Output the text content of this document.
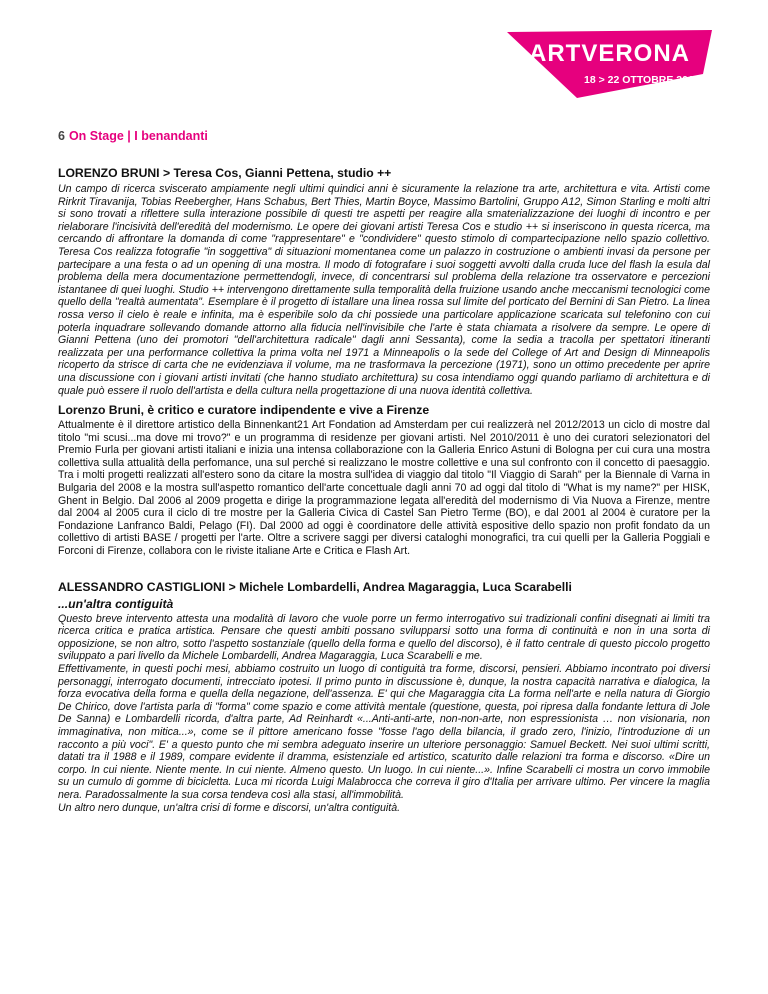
ARTVERONA
18 > 22 OTTOBRE 2012
6 On Stage | I benandanti
LORENZO BRUNI > Teresa Cos, Gianni Pettena, studio ++

Un campo di ricerca sviscerato ampiamente negli ultimi quindici anni è sicuramente la relazione tra arte, architettura e vita. Artisti come Rirkrit Tiravanija, Tobias Reebergher, Hans Schabus, Bert Thies, Martin Boyce, Massimo Bartolini, Gruppo A12, Simon Starling e molti altri si sono trovati a riflettere sulla interazione possibile di questi tre aspetti per reagire alla smaterializzazione dei luoghi di incontro e per rielaborare l'incisività dell'eredità del modernismo. Le opere dei giovani artisti Teresa Cos e studio ++ si inseriscono in questa ricerca, ma cercando di affrontare la domanda di come "rappresentare" e "condividere" questo stimolo di compartecipazione nello spazio collettivo. Teresa Cos realizza fotografie "in soggettiva" di situazioni momentanea come un palazzo in costruzione o ambienti invasi da persone per partecipare a una festa o ad un opening di una mostra. Il modo di fotografare i suoi soggetti avvolti dalla cruda luce del flash la esula dal problema della mera documentazione permettendogli, invece, di concentrarsi sul problema della relazione tra osservatore e percezioni istantanee di quei luoghi. Studio ++ intervengono direttamente sulla temporalità della fruizione usando anche meccanismi tecnologici come quello della "realtà aumentata". Esemplare è il progetto di istallare una linea rossa sul limite del porticato del Bernini di San Pietro. La linea rossa verso il cielo è reale e infinita, ma è esperibile solo da chi possiede una particolare applicazione scaricata sul telefonino con cui poterla inquadrare sollevando domande attorno alla fiducia nell'invisibile che l'arte è stata chiamata a risolvere da sempre. Le opere di Gianni Pettena (uno dei promotori "dell'architettura radicale" dagli anni Sessanta), come la sedia a tracolla per spettatori itineranti realizzata per una performance collettiva la prima volta nel 1971 a Minneapolis o la sede del College of Art and Design di Minneapolis ricoperto da strisce di carta che ne evidenziava il volume, ma ne trasformava la percezione (1971), sono un ottimo precedente per aprire una discussione con i giovani artisti invitati (che hanno studiato architettura) su cosa intendiamo oggi quando parliamo di architettura e di quale può essere il ruolo dell'artista e della cultura nella progettazione di una nuova identità collettiva.

Lorenzo Bruni, è critico e curatore indipendente e vive a Firenze

Attualmente è il direttore artistico della Binnenkant21 Art Fondation ad Amsterdam per cui realizzerà nel 2012/2013 un ciclo di mostre dal titolo "mi scusi...ma dove mi trovo?" e un programma di residenze per giovani artisti. Nel 2010/2011 è uno dei curatori selezionatori del Premio Furla per giovani artisti italiani e inizia una intensa collaborazione con la Galleria Enrico Astuni di Bologna per cui cura una mostra collettiva sulla attualità della perfomance, una sul perché si realizzano le mostre collettive e una sul confronto con il concetto di paesaggio. Tra i molti progetti realizzati all'estero sono da citare la mostra sull'idea di viaggio dal titolo "Il Viaggio di Sarah" per la Biennale di Varna in Bulgaria del 2008 e la mostra sull'aspetto romantico dell'arte concettuale dagli anni 70 ad oggi dal titolo di "What is my name?" per HISK, Ghent in Belgio. Dal 2006 al 2009 progetta e dirige la programmazione legata all'eredità del modernismo di Via Nuova a Firenze, mentre dal 2004 al 2005 cura il ciclo di tre mostre per la Galleria Civica di Castel San Pietro Terme (BO), e dal 2001 al 2004 è curatore per la Fondazione Lanfranco Baldi, Pelago (FI). Dal 2000 ad oggi è coordinatore delle attività espositive dello spazio non profit fondato da un collettivo di artisti BASE / progetti per l'arte. Oltre a scrivere saggi per diversi cataloghi monografici, tra cui quelli per la Galleria Poggiali e Forconi di Firenze, collabora con le riviste italiane Arte e Critica e Flash Art.

ALESSANDRO CASTIGLIONI > Michele Lombardelli, Andrea Magaraggia, Luca Scarabelli
...un'altra contiguità

Questo breve intervento attesta una modalità di lavoro che vuole porre un fermo interrogativo sui tradizionali confini disegnati ai limiti tra ricerca critica e pratica artistica. Pensare che questi ambiti possano svilupparsi sotto una forma di continuità e non in una sorta di opposizione, se non altro, sotto l'aspetto sostanziale (quello della forma e quello del discorso), è il fatto centrale di questo piccolo progetto sviluppato a pari livello da Michele Lombardelli, Andrea Magaraggia, Luca Scarabelli e me.

Effettivamente, in questi pochi mesi, abbiamo costruito un luogo di contiguità tra forme, discorsi, pensieri. Abbiamo incontrato poi diversi personaggi, interrogato documenti, intrecciato ipotesi. Il primo punto in discussione è, dunque, la nostra capacità narrativa e dialogica, la forza evocativa della forma e quella della negazione, dell'assenza. E' qui che Magaraggia cita La forma nell'arte e nella natura di Giorgio De Chirico, dove l'artista parla di "forma" come spazio e come attività mentale (questione, questa, poi ripresa dalla fondante lettura di Jole De Sanna) e Lombardelli ricorda, d'altra parte, Ad Reinhardt «...Anti-anti-arte, non-non-arte, non espressionista … non visionaria, non immaginativa, non mitica...», come se il pittore americano fosse "fosse l'ago della bilancia, il grado zero, l'inizio, l'introduzione di un racconto a più voci". E' a questo punto che mi sembra adeguato inserire un ulteriore personaggio: Samuel Beckett. Nei suoi ultimi scritti, datati tra il 1988 e il 1989, compare evidente il dramma, esistenziale ed artistico, scaturito dalle relazioni tra forma e discorso. «Dire un corpo. In cui niente. Niente mente. In cui niente. Almeno questo. Un luogo. In cui niente...». Infine Scarabelli ci mostra un corvo immobile su un cumulo di gomme di bicicletta. Luca mi ricorda Luigi Malabrocca che correva il giro d'Italia per arrivare ultimo. Per vincere la maglia nera. Paradossalmente la sua corsa tendeva così alla stasi, all'immobilità.

Un altro nero dunque, un'altra crisi di forme e discorsi, un'altra contiguità.
